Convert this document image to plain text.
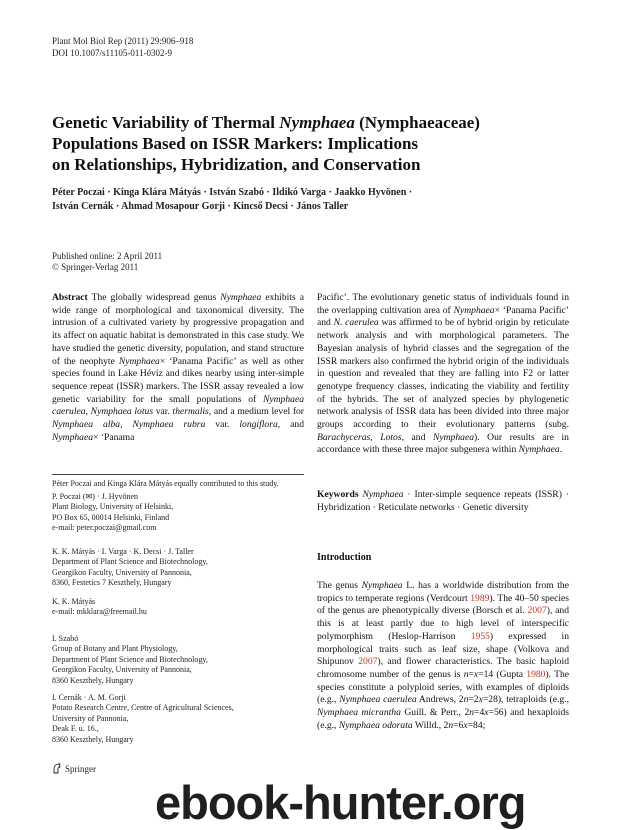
Plant Mol Biol Rep (2011) 29:906–918
DOI 10.1007/s11105-011-0302-9
Genetic Variability of Thermal Nymphaea (Nymphaeaceae)
Populations Based on ISSR Markers: Implications
on Relationships, Hybridization, and Conservation
Péter Poczai · Kinga Klára Mátyás · István Szabó · Ildikó Varga · Jaakko Hyvönen ·
István Cernák · Ahmad Mosapour Gorji · Kincső Decsi · János Taller
Published online: 2 April 2011
© Springer-Verlag 2011
Abstract The globally widespread genus Nymphaea exhibits a wide range of morphological and taxonomical diversity. The intrusion of a cultivated variety by progressive propagation and its affect on aquatic habitat is demonstrated in this case study. We have studied the genetic diversity, population, and stand structure of the neophyte Nymphaea× ‘Panama Pacific’ as well as other species found in Lake Hévíz and dikes nearby using inter-simple sequence repeat (ISSR) markers. The ISSR assay revealed a low genetic variability for the small populations of Nymphaea caerulea, Nymphaea lotus var. thermalis, and a medium level for Nymphaea alba, Nymphaea rubra var. longiflora, and Nymphaea× ‘Panama
Pacific’. The evolutionary genetic status of individuals found in the overlapping cultivation area of Nymphaea× ‘Panama Pacific’ and N. caerulea was affirmed to be of hybrid origin by reticulate network analysis and with morphological parameters. The Bayesian analysis of hybrid classes and the segregation of the ISSR markers also confirmed the hybrid origin of the individuals in question and revealed that they are falling into F2 or latter genotype frequency classes, indicating the viability and fertility of the hybrids. The set of analyzed species by phylogenetic network analysis of ISSR data has been divided into three major groups according to their evolutionary patterns (subg. Barachyceras, Lotos, and Nymphaea). Our results are in accordance with these three major subgenera within Nymphaea.
Péter Poczai and Kinga Klára Mátyás equally contributed to this study.
P. Poczai (✉) · J. Hyvönen
Plant Biology, University of Helsinki,
PO Box 65, 00014 Helsinki, Finland
e-mail: peter.poczai@gmail.com
K. K. Mátyás · I. Varga · K. Decsi · J. Taller
Department of Plant Science and Biotechnology,
Georgikon Faculty, University of Pannonia,
8360, Festetics 7 Keszthely, Hungary
K. K. Mátyás
e-mail: mkklara@freemail.hu
I. Szabó
Group of Botany and Plant Physiology,
Department of Plant Science and Biotechnology,
Georgikon Faculty, University of Pannonia,
8360 Keszthely, Hungary
I. Cernák · A. M. Gorji
Potato Research Centre, Centre of Agricultural Sciences,
University of Pannonia,
Deak F. u. 16.,
8360 Keszthely, Hungary
Keywords Nymphaea · Inter-simple sequence repeats (ISSR) · Hybridization · Reticulate networks · Genetic diversity
Introduction
The genus Nymphaea L. has a worldwide distribution from the tropics to temperate regions (Verdcourt 1989). The 40–50 species of the genus are phenotypically diverse (Borsch et al. 2007), and this is at least partly due to high level of interspecific polymorphism (Heslop-Harrison 1955) expressed in morphological traits such as leaf size, shape (Volkova and Shipunov 2007), and flower characteristics. The basic haploid chromosome number of the genus is n=x=14 (Gupta 1980). The species constitute a polyploid series, with examples of diploids (e.g., Nymphaea caerulea Andrews, 2n=2x=28), tetraploids (e.g., Nymphaea micrantha Guill. & Perr., 2n=4x=56) and hexaploids (e.g., Nymphaea odorata Willd., 2n=6x=84;
Springer
ebook-hunter.org
